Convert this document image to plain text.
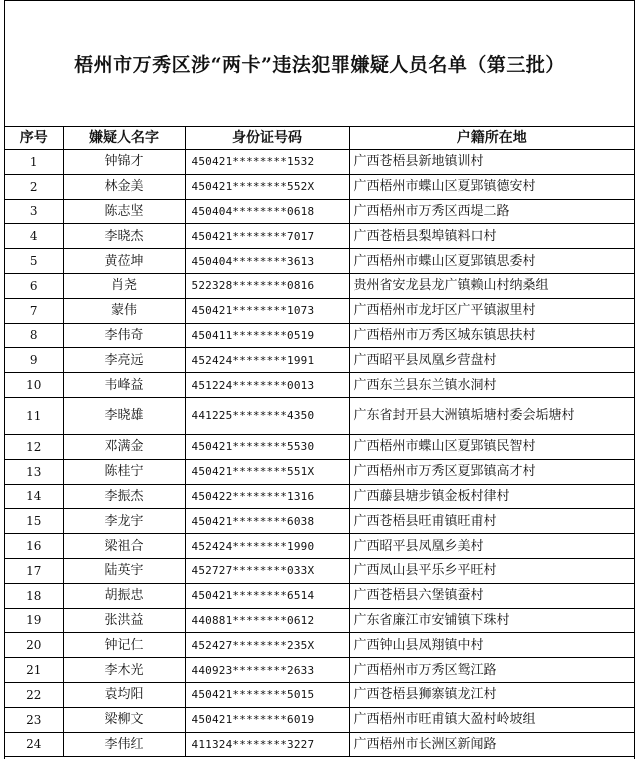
梧州市万秀区涉“两卡”违法犯罪嫌疑人员名单（第三批）
序号	嫌疑人名字	身份证号码	户籍所在地
1	钟锦才	450421********1532	广西苍梧县新地镇训村
2	林金美	450421********552X	广西梧州市蝶山区夏郢镇德安村
3	陈志坚	450404********0618	广西梧州市万秀区西堤二路
4	李晓杰	450421********7017	广西苍梧县梨埠镇料口村
5	黄莅坤	450404********3613	广西梧州市蝶山区夏郢镇思委村
6	肖尧	522328********0816	贵州省安龙县龙广镇赖山村纳桑组
7	蒙伟	450421********1073	广西梧州市龙圩区广平镇淑里村
8	李伟奇	450411********0519	广西梧州市万秀区城东镇思扶村
9	李亮远	452424********1991	广西昭平县凤凰乡营盘村
10	韦峰益	451224********0013	广西东兰县东兰镇水洞村
11	李晓雄	441225********4350	广东省封开县大洲镇垢塘村委会垢塘村
12	邓满金	450421********5530	广西梧州市蝶山区夏郢镇民智村
13	陈桂宁	450421********551X	广西梧州市万秀区夏郢镇高才村
14	李振杰	450422********1316	广西藤县塘步镇金板村律村
15	李龙宇	450421********6038	广西苍梧县旺甫镇旺甫村
16	梁祖合	452424********1990	广西昭平县凤凰乡美村
17	陆英宇	452727********033X	广西凤山县平乐乡平旺村
18	胡振忠	450421********6514	广西苍梧县六堡镇蚕村
19	张洪益	440881********0612	广东省廉江市安铺镇下珠村
20	钟记仁	452427********235X	广西钟山县凤翔镇中村
21	李木光	440923********2633	广西梧州市万秀区鸳江路
22	袁均阳	450421********5015	广西苍梧县狮寨镇龙江村
23	梁柳文	450421********6019	广西梧州市旺甫镇大盈村岭坡组
24	李伟红	411324********3227	广西梧州市长洲区新闻路
